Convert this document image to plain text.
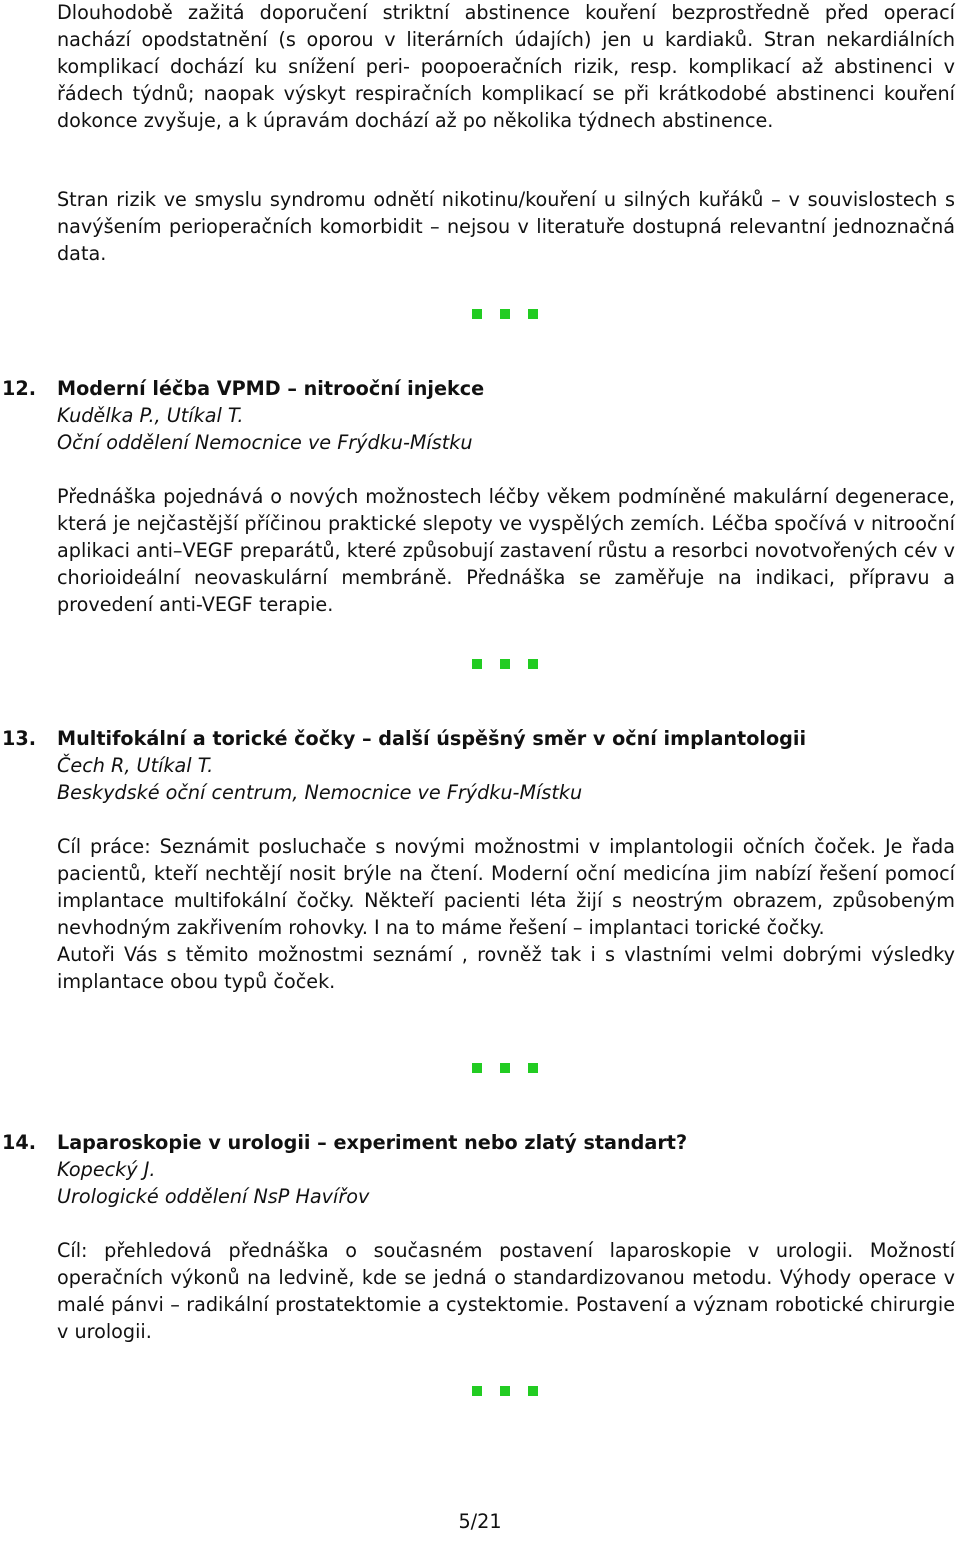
Dlouhodobě zažitá doporučení striktní abstinence kouření bezprostředně před operací nachází opodstatnění (s oporou v literárních údajích) jen u kardiaků. Stran nekardiálních komplikací dochází ku snížení peri- poopoeračních rizik, resp. komplikací až abstinenci v řádech týdnů; naopak výskyt respiračních komplikací se při krátkodobé abstinenci kouření dokonce zvyšuje, a k úpravám dochází až po několika týdnech abstinence.

Stran rizik ve smyslu syndromu odnětí nikotinu/kouření u silných kuřáků – v souvislostech s navýšením perioperačních komorbidit – nejsou v literatuře dostupná relevantní jednoznačná data.

12. Moderní léčba VPMD – nitrooční injekce

Kudělka P., Utíkal T.

Oční oddělení Nemocnice ve Frýdku-Místku

Přednáška pojednává o nových možnostech léčby věkem podmíněné makulární degenerace, která je nejčastější příčinou praktické slepoty ve vyspělých zemích. Léčba spočívá v nitrooční aplikaci anti–VEGF preparátů, které způsobují zastavení růstu a resorbci novotvořených cév v chorioideální neovaskulární membráně. Přednáška se zaměřuje na indikaci, přípravu a provedení anti-VEGF terapie.

13. Multifokální a torické čočky – další úspěšný směr v oční implantologii

Čech R, Utíkal T.

Beskydské oční centrum, Nemocnice ve Frýdku-Místku

Cíl práce: Seznámit posluchače s novými možnostmi v implantologii očních čoček. Je řada pacientů, kteří nechtějí nosit brýle na čtení. Moderní oční medicína jim nabízí řešení pomocí implantace multifokální čočky. Někteří pacienti léta žijí s neostrým obrazem, způsobeným nevhodným zakřivením rohovky. I na to máme řešení – implantaci torické čočky.

Autoři Vás s těmito možnostmi seznámí , rovněž tak i s vlastními velmi dobrými výsledky implantace obou typů čoček.

14. Laparoskopie v urologii – experiment nebo zlatý standart?

Kopecký J.

Urologické oddělení NsP Havířov

Cíl: přehledová přednáška o současném postavení laparoskopie v urologii. Možností operačních výkonů na ledvině, kde se jedná o standardizovanou metodu. Výhody operace v malé pánvi – radikální prostatektomie a cystektomie. Postavení a význam robotické chirurgie v urologii.

5/21
